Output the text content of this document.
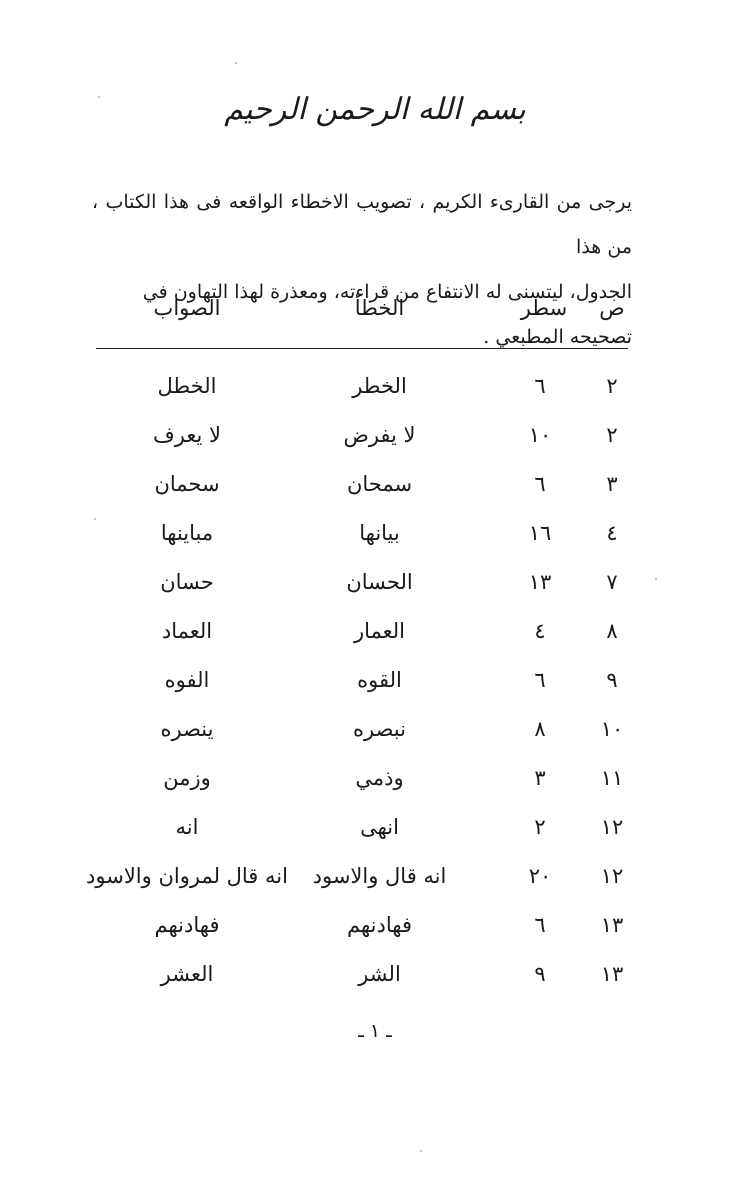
بسم الله الرحمن الرحيم

يرجى من القارىء الكريم ، تصويب الاخطاء الواقعه فى هذا الكتاب ، من هذا

الجدول، ليتسنى له الانتفاع من قراءته، ومعذرة لهذا التهاون في تصحيحه المطبعي .

ص
سطر
الخطأ
الصواب
٢
٦
الخطر
الخطل
٢
١٠
لا يفرض
لا يعرف
٣
٦
سمحان
سحمان
٤
١٦
بيانها
مباينها
٧
١٣
الحسان
حسان
٨
٤
العمار
العماد
٩
٦
القوه
الفوه
١٠
٨
نبصره
ينصره
١١
٣
وذمي
وزمن
١٢
٢
انهى
انه
١٢
٢٠
انه قال والاسود
انه قال لمروان والاسود
١٣
٦
فهادنهم
فهادنهم
١٣
٩
الشر
العشر
ـ ١ ـ
